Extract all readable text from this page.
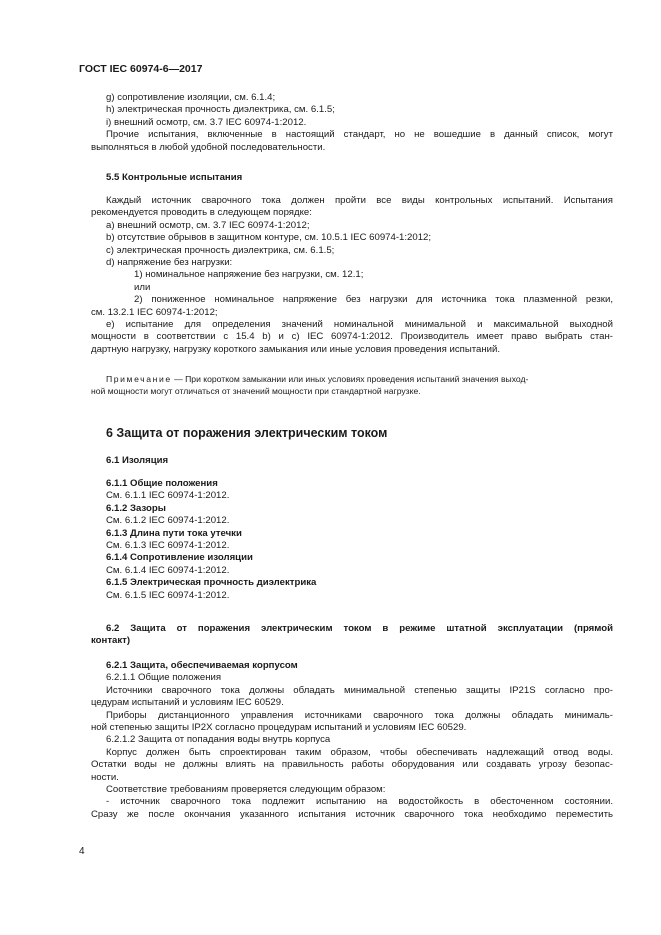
ГОСТ IEC 60974-6—2017
g) сопротивление изоляции, см. 6.1.4;
h) электрическая прочность диэлектрика, см. 6.1.5;
i) внешний осмотр, см. 3.7 IEC 60974-1:2012.
Прочие испытания, включенные в настоящий стандарт, но не вошедшие в данный список, могут
выполняться в любой удобной последовательности.
5.5 Контрольные испытания
Каждый источник сварочного тока должен пройти все виды контрольных испытаний. Испытания
рекомендуется проводить в следующем порядке:
a) внешний осмотр, см. 3.7 IEC 60974-1:2012;
b) отсутствие обрывов в защитном контуре, см. 10.5.1 IEC 60974-1:2012;
c) электрическая прочность диэлектрика, см. 6.1.5;
d) напряжение без нагрузки:
1) номинальное напряжение без нагрузки, см. 12.1;
или
2) пониженное номинальное напряжение без нагрузки для источника тока плазменной резки,
см. 13.2.1 IEC 60974-1:2012;
e) испытание для определения значений номинальной минимальной и максимальной выходной
мощности в соответствии с 15.4 b) и c) IEC 60974-1:2012. Производитель имеет право выбрать стан-
дартную нагрузку, нагрузку короткого замыкания или иные условия проведения испытаний.
Примечание — При коротком замыкании или иных условиях проведения испытаний значения выход-
ной мощности могут отличаться от значений мощности при стандартной нагрузке.
6 Защита от поражения электрическим током
6.1 Изоляция
6.1.1 Общие положения
См. 6.1.1 IEC 60974-1:2012.
6.1.2 Зазоры
См. 6.1.2 IEC 60974-1:2012.
6.1.3 Длина пути тока утечки
См. 6.1.3 IEC 60974-1:2012.
6.1.4 Сопротивление изоляции
См. 6.1.4 IEC 60974-1:2012.
6.1.5 Электрическая прочность диэлектрика
См. 6.1.5 IEC 60974-1:2012.
6.2 Защита от поражения электрическим током в режиме штатной эксплуатации (прямой
контакт)
6.2.1 Защита, обеспечиваемая корпусом
6.2.1.1 Общие положения
Источники сварочного тока должны обладать минимальной степенью защиты IP21S согласно про-
цедурам испытаний и условиям IEC 60529.
Приборы дистанционного управления источниками сварочного тока должны обладать минималь-
ной степенью защиты IP2X согласно процедурам испытаний и условиям IEC 60529.
6.2.1.2 Защита от попадания воды внутрь корпуса
Корпус должен быть спроектирован таким образом, чтобы обеспечивать надлежащий отвод воды.
Остатки воды не должны влиять на правильность работы оборудования или создавать угрозу безопас-
ности.
Соответствие требованиям проверяется следующим образом:
- источник сварочного тока подлежит испытанию на водостойкость в обесточенном состоянии.
Сразу же после окончания указанного испытания источник сварочного тока необходимо переместить
4
